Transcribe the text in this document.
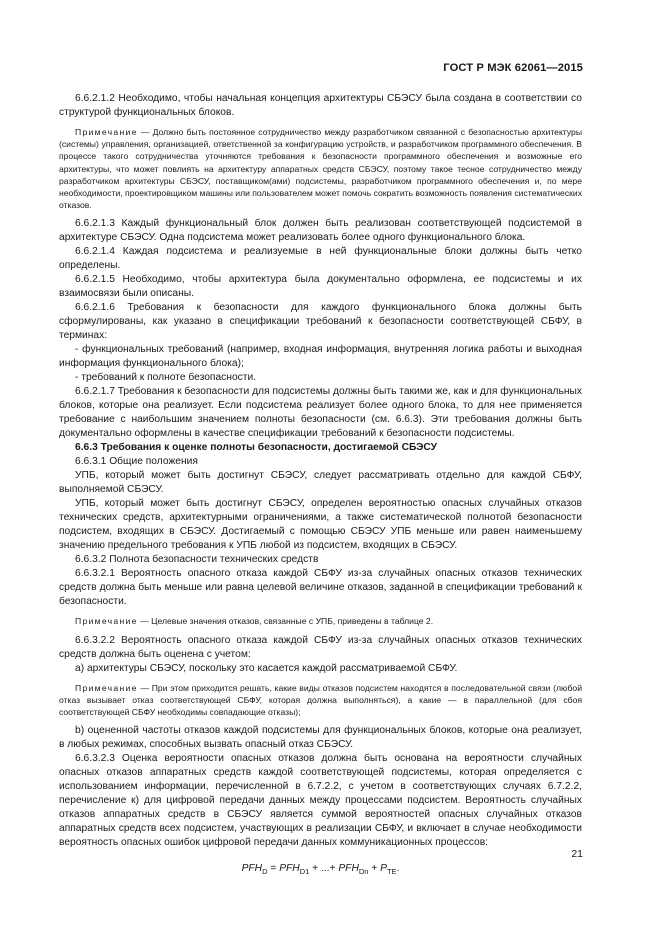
ГОСТ Р МЭК 62061—2015

6.6.2.1.2 Необходимо, чтобы начальная концепция архитектуры СБЭСУ была создана в соответствии со структурой функциональных блоков.

Примечание — Должно быть постоянное сотрудничество между разработчиком связанной с безопасностью архитектуры (системы) управления, организацией, ответственной за конфигурацию устройств, и разработчиком программного обеспечения. В процессе такого сотрудничества уточняются требования к безопасности программного обеспечения и возможные его архитектуры, что может повлиять на архитектуру аппаратных средств СБЭСУ, поэтому такое тесное сотрудничество между разработчиком архитектуры СБЭСУ, поставщиком(ами) подсистемы, разработчиком программного обеспечения и, по мере необходимости, проектировщиком машины или пользователем может помочь сократить возможность появления систематических отказов.

6.6.2.1.3 Каждый функциональный блок должен быть реализован соответствующей подсистемой в архитектуре СБЭСУ. Одна подсистема может реализовать более одного функционального блока.

6.6.2.1.4 Каждая подсистема и реализуемые в ней функциональные блоки должны быть четко определены.

6.6.2.1.5 Необходимо, чтобы архитектура была документально оформлена, ее подсистемы и их взаимосвязи были описаны.

6.6.2.1.6 Требования к безопасности для каждого функционального блока должны быть сформулированы, как указано в спецификации требований к безопасности соответствующей СБФУ, в терминах:

- функциональных требований (например, входная информация, внутренняя логика работы и выходная информация функционального блока);

- требований к полноте безопасности.

6.6.2.1.7 Требования к безопасности для подсистемы должны быть такими же, как и для функциональных блоков, которые она реализует. Если подсистема реализует более одного блока, то для нее применяется требование с наибольшим значением полноты безопасности (см. 6.6.3). Эти требования должны быть документально оформлены в качестве спецификации требований к безопасности подсистемы.

6.6.3 Требования к оценке полноты безопасности, достигаемой СБЭСУ

6.6.3.1 Общие положения

УПБ, который может быть достигнут СБЭСУ, следует рассматривать отдельно для каждой СБФУ, выполняемой СБЭСУ.

УПБ, который может быть достигнут СБЭСУ, определен вероятностью опасных случайных отказов технических средств, архитектурными ограничениями, а также систематической полнотой безопасности подсистем, входящих в СБЭСУ. Достигаемый с помощью СБЭСУ УПБ меньше или равен наименьшему значению предельного требования к УПБ любой из подсистем, входящих в СБЭСУ.

6.6.3.2 Полнота безопасности технических средств

6.6.3.2.1 Вероятность опасного отказа каждой СБФУ из-за случайных опасных отказов технических средств должна быть меньше или равна целевой величине отказов, заданной в спецификации требований к безопасности.

Примечание — Целевые значения отказов, связанные с УПБ, приведены в таблице 2.

6.6.3.2.2 Вероятность опасного отказа каждой СБФУ из-за случайных опасных отказов технических средств должна быть оценена с учетом:

а) архитектуры СБЭСУ, поскольку это касается каждой рассматриваемой СБФУ.

Примечание — При этом приходится решать, какие виды отказов подсистем находятся в последовательной связи (любой отказ вызывает отказ соответствующей СБФУ, которая должна выполняться), а какие — в параллельной (для сбоя соответствующей СБФУ необходимы совпадающие отказы);

b) оцененной частоты отказов каждой подсистемы для функциональных блоков, которые она реализует, в любых режимах, способных вызвать опасный отказ СБЭСУ.

6.6.3.2.3 Оценка вероятности опасных отказов должна быть основана на вероятности случайных опасных отказов аппаратных средств каждой соответствующей подсистемы, которая определяется с использованием информации, перечисленной в 6.7.2.2, с учетом в соответствующих случаях 6.7.2.2, перечисление к) для цифровой передачи данных между процессами подсистем. Вероятность случайных отказов аппаратных средств в СБЭСУ является суммой вероятностей опасных случайных отказов аппаратных средств всех подсистем, участвующих в реализации СБФУ, и включает в случае необходимости вероятность опасных ошибок цифровой передачи данных коммуникационных процессов:

$PFH_D = PFH_{D1}$ + ...+ $PFH_{Dn} + P_{TE}$.

21
